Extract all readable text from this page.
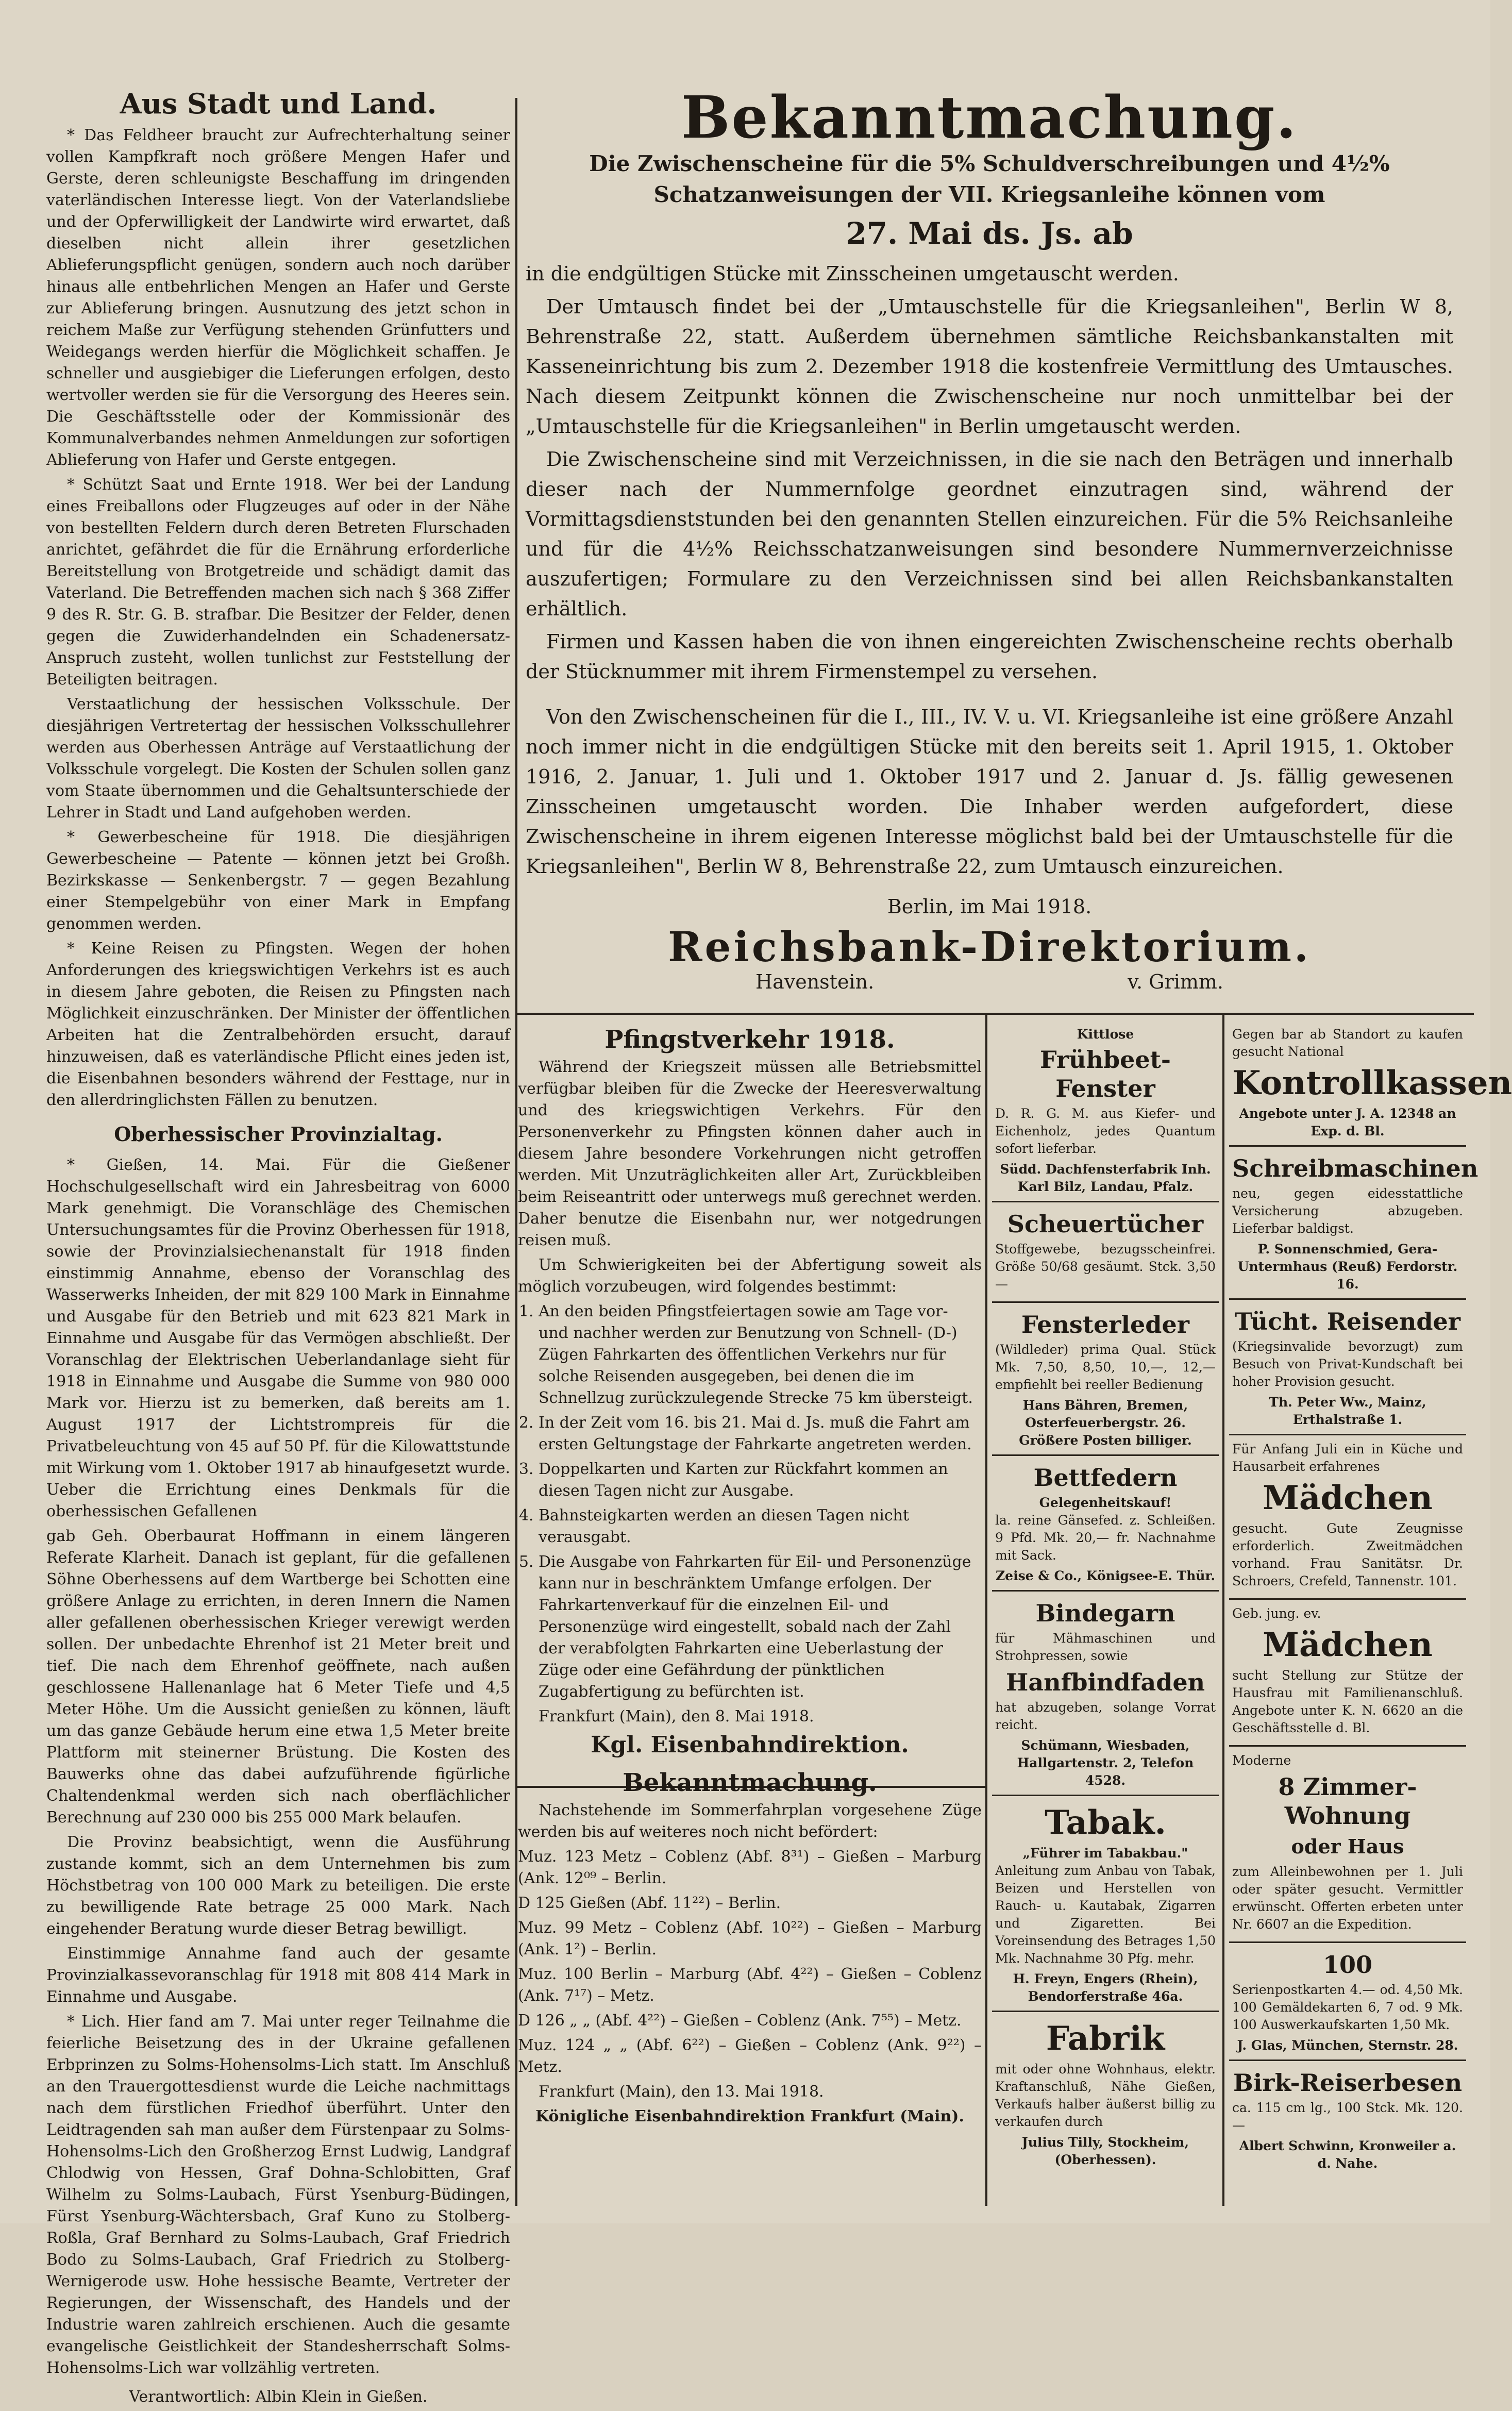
Aus Stadt und Land.

* Das Feldheer braucht zur Aufrechterhaltung seiner vollen Kampfkraft noch größere Mengen Hafer und Gerste, deren schleunigste Beschaffung im dringenden vaterländischen Interesse liegt. Von der Vaterlandsliebe und der Opferwilligkeit der Landwirte wird erwartet, daß dieselben nicht allein ihrer gesetzlichen Ablieferungspflicht genügen, sondern auch noch darüber hinaus alle entbehrlichen Mengen an Hafer und Gerste zur Ablieferung bringen. Ausnutzung des jetzt schon in reichem Maße zur Verfügung stehenden Grünfutters und Weidegangs werden hierfür die Möglichkeit schaffen. Je schneller und ausgiebiger die Lieferungen erfolgen, desto wertvoller werden sie für die Versorgung des Heeres sein. Die Geschäftsstelle oder der Kommissionär des Kommunalverbandes nehmen Anmeldungen zur sofortigen Ablieferung von Hafer und Gerste entgegen.

* Schützt Saat und Ernte 1918. Wer bei der Landung eines Freiballons oder Flugzeuges auf oder in der Nähe von bestellten Feldern durch deren Betreten Flurschaden anrichtet, gefährdet die für die Ernährung erforderliche Bereitstellung von Brotgetreide und schädigt damit das Vaterland. Die Betreffenden machen sich nach § 368 Ziffer 9 des R. Str. G. B. strafbar. Die Besitzer der Felder, denen gegen die Zuwiderhandelnden ein Schadenersatz-Anspruch zusteht, wollen tunlichst zur Feststellung der Beteiligten beitragen.

Verstaatlichung der hessischen Volksschule. Der diesjährigen Vertretertag der hessischen Volksschullehrer werden aus Oberhessen Anträge auf Verstaatlichung der Volksschule vorgelegt. Die Kosten der Schulen sollen ganz vom Staate übernommen und die Gehaltsunterschiede der Lehrer in Stadt und Land aufgehoben werden.

* Gewerbescheine für 1918. Die diesjährigen Gewerbescheine — Patente — können jetzt bei Großh. Bezirkskasse — Senkenbergstr. 7 — gegen Bezahlung einer Stempelgebühr von einer Mark in Empfang genommen werden.

* Keine Reisen zu Pfingsten. Wegen der hohen Anforderungen des kriegswichtigen Verkehrs ist es auch in diesem Jahre geboten, die Reisen zu Pfingsten nach Möglichkeit einzuschränken. Der Minister der öffentlichen Arbeiten hat die Zentralbehörden ersucht, darauf hinzuweisen, daß es vaterländische Pflicht eines jeden ist, die Eisenbahnen besonders während der Festtage, nur in den allerdringlichsten Fällen zu benutzen.

Oberhessischer Provinzialtag.

* Gießen, 14. Mai. Für die Gießener Hochschulgesellschaft wird ein Jahresbeitrag von 6000 Mark genehmigt. Die Voranschläge des Chemischen Untersuchungsamtes für die Provinz Oberhessen für 1918, sowie der Provinzialsiechenanstalt für 1918 finden einstimmig Annahme, ebenso der Voranschlag des Wasserwerks Inheiden, der mit 829 100 Mark in Einnahme und Ausgabe für den Betrieb und mit 623 821 Mark in Einnahme und Ausgabe für das Vermögen abschließt. Der Voranschlag der Elektrischen Ueberlandanlage sieht für 1918 in Einnahme und Ausgabe die Summe von 980 000 Mark vor. Hierzu ist zu bemerken, daß bereits am 1. August 1917 der Lichtstrompreis für die Privatbeleuchtung von 45 auf 50 Pf. für die Kilowattstunde mit Wirkung vom 1. Oktober 1917 ab hinaufgesetzt wurde. Ueber die Errichtung eines Denkmals für die oberhessischen Gefallenen

gab Geh. Oberbaurat Hoffmann in einem längeren Referate Klarheit. Danach ist geplant, für die gefallenen Söhne Oberhessens auf dem Wartberge bei Schotten eine größere Anlage zu errichten, in deren Innern die Namen aller gefallenen oberhessischen Krieger verewigt werden sollen. Der unbedachte Ehrenhof ist 21 Meter breit und tief. Die nach dem Ehrenhof geöffnete, nach außen geschlossene Hallenanlage hat 6 Meter Tiefe und 4,5 Meter Höhe. Um die Aussicht genießen zu können, läuft um das ganze Gebäude herum eine etwa 1,5 Meter breite Plattform mit steinerner Brüstung. Die Kosten des Bauwerks ohne das dabei aufzuführende figürliche Chaltendenkmal werden sich nach oberflächlicher Berechnung auf 230 000 bis 255 000 Mark belaufen.

Die Provinz beabsichtigt, wenn die Ausführung zustande kommt, sich an dem Unternehmen bis zum Höchstbetrag von 100 000 Mark zu beteiligen. Die erste zu bewilligende Rate betrage 25 000 Mark. Nach eingehender Beratung wurde dieser Betrag bewilligt.

Einstimmige Annahme fand auch der gesamte Provinzialkassevoranschlag für 1918 mit 808 414 Mark in Einnahme und Ausgabe.

* Lich. Hier fand am 7. Mai unter reger Teilnahme die feierliche Beisetzung des in der Ukraine gefallenen Erbprinzen zu Solms-Hohensolms-Lich statt. Im Anschluß an den Trauergottesdienst wurde die Leiche nachmittags nach dem fürstlichen Friedhof überführt. Unter den Leidtragenden sah man außer dem Fürstenpaar zu Solms-Hohensolms-Lich den Großherzog Ernst Ludwig, Landgraf Chlodwig von Hessen, Graf Dohna-Schlobitten, Graf Wilhelm zu Solms-Laubach, Fürst Ysenburg-Büdingen, Fürst Ysenburg-Wächtersbach, Graf Kuno zu Stolberg-Roßla, Graf Bernhard zu Solms-Laubach, Graf Friedrich Bodo zu Solms-Laubach, Graf Friedrich zu Stolberg-Wernigerode usw. Hohe hessische Beamte, Vertreter der Regierungen, der Wissenschaft, des Handels und der Industrie waren zahlreich erschienen. Auch die gesamte evangelische Geistlichkeit der Standesherrschaft Solms-Hohensolms-Lich war vollzählig vertreten.

Verantwortlich: Albin Klein in Gießen.

Bekanntmachung.

Die Zwischenscheine für die 5% Schuldverschreibungen und 4½% Schatzanweisungen der VII. Kriegsanleihe können vom

27. Mai ds. Js. ab

in die endgültigen Stücke mit Zinsscheinen umgetauscht werden.

Der Umtausch findet bei der „Umtauschstelle für die Kriegsanleihen", Berlin W 8, Behrenstraße 22, statt. Außerdem übernehmen sämtliche Reichsbankanstalten mit Kasseneinrichtung bis zum 2. Dezember 1918 die kostenfreie Vermittlung des Umtausches. Nach diesem Zeitpunkt können die Zwischenscheine nur noch unmittelbar bei der „Umtauschstelle für die Kriegsanleihen" in Berlin umgetauscht werden.

Die Zwischenscheine sind mit Verzeichnissen, in die sie nach den Beträgen und innerhalb dieser nach der Nummernfolge geordnet einzutragen sind, während der Vormittagsdienststunden bei den genannten Stellen einzureichen. Für die 5% Reichsanleihe und für die 4½% Reichsschatzanweisungen sind besondere Nummernverzeichnisse auszufertigen; Formulare zu den Verzeichnissen sind bei allen Reichsbankanstalten erhältlich.

Firmen und Kassen haben die von ihnen eingereichten Zwischenscheine rechts oberhalb der Stücknummer mit ihrem Firmenstempel zu versehen.

Von den Zwischenscheinen für die I., III., IV. V. u. VI. Kriegsanleihe ist eine größere Anzahl noch immer nicht in die endgültigen Stücke mit den bereits seit 1. April 1915, 1. Oktober 1916, 2. Januar, 1. Juli und 1. Oktober 1917 und 2. Januar d. Js. fällig gewesenen Zinsscheinen umgetauscht worden. Die Inhaber werden aufgefordert, diese Zwischenscheine in ihrem eigenen Interesse möglichst bald bei der Umtauschstelle für die Kriegsanleihen", Berlin W 8, Behrenstraße 22, zum Umtausch einzureichen.

Berlin, im Mai 1918.

Reichsbank-Direktorium.
Havenstein.	v. Grimm.
Pfingstverkehr 1918.

Während der Kriegszeit müssen alle Betriebsmittel verfügbar bleiben für die Zwecke der Heeresverwaltung und des kriegswichtigen Verkehrs. Für den Personenverkehr zu Pfingsten können daher auch in diesem Jahre besondere Vorkehrungen nicht getroffen werden. Mit Unzuträglichkeiten aller Art, Zurückbleiben beim Reiseantritt oder unterwegs muß gerechnet werden. Daher benutze die Eisenbahn nur, wer notgedrungen reisen muß.

Um Schwierigkeiten bei der Abfertigung soweit als möglich vorzubeugen, wird folgendes bestimmt:

1. An den beiden Pfingstfeiertagen sowie am Tage vor- und nachher werden zur Benutzung von Schnell- (D-) Zügen Fahrkarten des öffentlichen Verkehrs nur für solche Reisenden ausgegeben, bei denen die im Schnellzug zurückzulegende Strecke 75 km übersteigt.
2. In der Zeit vom 16. bis 21. Mai d. Js. muß die Fahrt am ersten Geltungstage der Fahrkarte angetreten werden.
3. Doppelkarten und Karten zur Rückfahrt kommen an diesen Tagen nicht zur Ausgabe.
4. Bahnsteigkarten werden an diesen Tagen nicht verausgabt.
5. Die Ausgabe von Fahrkarten für Eil- und Personenzüge kann nur in beschränktem Umfange erfolgen. Der Fahrkartenverkauf für die einzelnen Eil- und Personenzüge wird eingestellt, sobald nach der Zahl der verabfolgten Fahrkarten eine Ueberlastung der Züge oder eine Gefährdung der pünktlichen Zugabfertigung zu befürchten ist.

Frankfurt (Main), den 8. Mai 1918.

Kgl. Eisenbahndirektion.

Bekanntmachung.

Nachstehende im Sommerfahrplan vorgesehene Züge werden bis auf weiteres noch nicht befördert:

Muz. 123 Metz – Coblenz (Abf. 8³¹) – Gießen – Marburg (Ank. 12⁰⁹ – Berlin.

D 125 Gießen (Abf. 11²²) – Berlin.

Muz. 99 Metz – Coblenz (Abf. 10²²) – Gießen – Marburg (Ank. 1²) – Berlin.

Muz. 100 Berlin – Marburg (Abf. 4²²) – Gießen – Coblenz (Ank. 7¹⁷) – Metz.

D 126 „ „ (Abf. 4²²) – Gießen – Coblenz (Ank. 7⁵⁵) – Metz.

Muz. 124 „ „ (Abf. 6²²) – Gießen – Coblenz (Ank. 9²²) – Metz.

Frankfurt (Main), den 13. Mai 1918.

Königliche Eisenbahndirektion Frankfurt (Main).

Kittlose
Frühbeet-Fenster

D. R. G. M. aus Kiefer- und Eichenholz, jedes Quantum sofort lieferbar.

Südd. Dachfensterfabrik Inh. Karl Bilz, Landau, Pfalz.
Scheuertücher

Stoffgewebe, bezugsscheinfrei. Größe 50/68 gesäumt. Stck. 3,50—

Fensterleder

(Wildleder) prima Qual. Stück Mk. 7,50, 8,50, 10,—, 12,— empfiehlt bei reeller Bedienung

Hans Bähren, Bremen, Osterfeuerbergstr. 26. Größere Posten billiger.
Bettfedern
Gelegenheitskauf!

la. reine Gänsefed. z. Schleißen. 9 Pfd. Mk. 20,— fr. Nachnahme mit Sack.

Zeise & Co., Königsee-E. Thür.
Bindegarn

für Mähmaschinen und Strohpressen, sowie

Hanfbindfaden

hat abzugeben, solange Vorrat reicht.

Schümann, Wiesbaden, Hallgartenstr. 2, Telefon 4528.
Tabak.
„Führer im Tabakbau."

Anleitung zum Anbau von Tabak, Beizen und Herstellen von Rauch- u. Kautabak, Zigarren und Zigaretten. Bei Voreinsendung des Betrages 1,50 Mk. Nachnahme 30 Pfg. mehr.

H. Freyn, Engers (Rhein), Bendorferstraße 46a.
Fabrik

mit oder ohne Wohnhaus, elektr. Kraftanschluß, Nähe Gießen, Verkaufs halber äußerst billig zu verkaufen durch

Julius Tilly, Stockheim, (Oberhessen).

Gegen bar ab Standort zu kaufen gesucht National

Kontrollkassen
Angebote unter J. A. 12348 an Exp. d. Bl.
Schreibmaschinen

neu, gegen eidesstattliche Versicherung abzugeben. Lieferbar baldigst.

P. Sonnenschmied, Gera-Untermhaus (Reuß) Ferdorstr. 16.
Tücht. Reisender

(Kriegsinvalide bevorzugt) zum Besuch von Privat-Kundschaft bei hoher Provision gesucht.

Th. Peter Ww., Mainz, Erthalstraße 1.

Für Anfang Juli ein in Küche und Hausarbeit erfahrenes

Mädchen

gesucht. Gute Zeugnisse erforderlich. Zweitmädchen vorhand. Frau Sanitätsr. Dr. Schroers, Crefeld, Tannenstr. 101.

Geb. jung. ev.

Mädchen

sucht Stellung zur Stütze der Hausfrau mit Familienanschluß. Angebote unter K. N. 6620 an die Geschäftsstelle d. Bl.

Moderne

8 Zimmer-Wohnung
oder Haus

zum Alleinbewohnen per 1. Juli oder später gesucht. Vermittler erwünscht. Offerten erbeten unter Nr. 6607 an die Expedition.

100

Serienpostkarten 4.— od. 4,50 Mk. 100 Gemäldekarten 6, 7 od. 9 Mk. 100 Auswerkaufskarten 1,50 Mk.

J. Glas, München, Sternstr. 28.
Birk-Reiserbesen

ca. 115 cm lg., 100 Stck. Mk. 120.—

Albert Schwinn, Kronweiler a. d. Nahe.
